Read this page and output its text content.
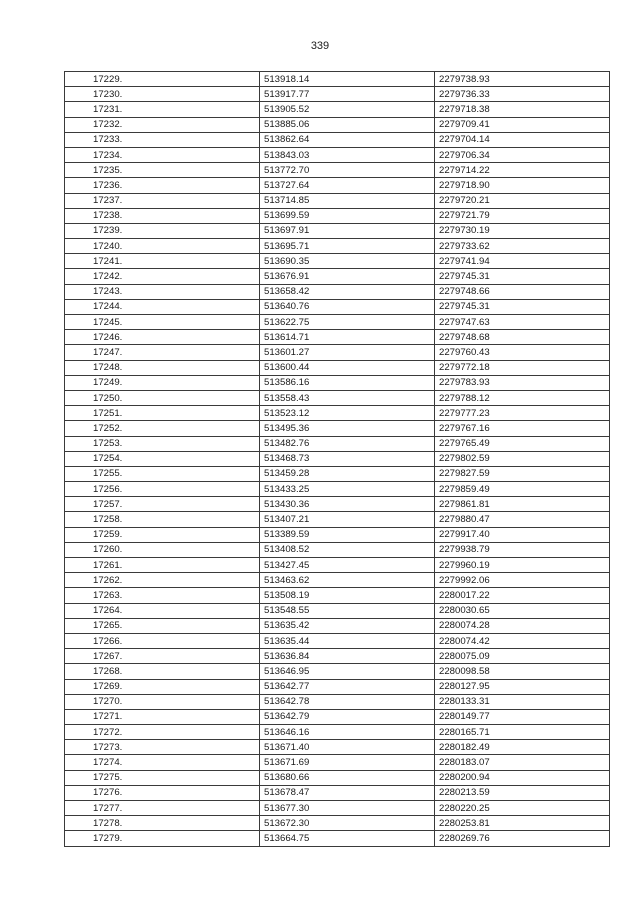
339
17229.	513918.14	2279738.93
17230.	513917.77	2279736.33
17231.	513905.52	2279718.38
17232.	513885.06	2279709.41
17233.	513862.64	2279704.14
17234.	513843.03	2279706.34
17235.	513772.70	2279714.22
17236.	513727.64	2279718.90
17237.	513714.85	2279720.21
17238.	513699.59	2279721.79
17239.	513697.91	2279730.19
17240.	513695.71	2279733.62
17241.	513690.35	2279741.94
17242.	513676.91	2279745.31
17243.	513658.42	2279748.66
17244.	513640.76	2279745.31
17245.	513622.75	2279747.63
17246.	513614.71	2279748.68
17247.	513601.27	2279760.43
17248.	513600.44	2279772.18
17249.	513586.16	2279783.93
17250.	513558.43	2279788.12
17251.	513523.12	2279777.23
17252.	513495.36	2279767.16
17253.	513482.76	2279765.49
17254.	513468.73	2279802.59
17255.	513459.28	2279827.59
17256.	513433.25	2279859.49
17257.	513430.36	2279861.81
17258.	513407.21	2279880.47
17259.	513389.59	2279917.40
17260.	513408.52	2279938.79
17261.	513427.45	2279960.19
17262.	513463.62	2279992.06
17263.	513508.19	2280017.22
17264.	513548.55	2280030.65
17265.	513635.42	2280074.28
17266.	513635.44	2280074.42
17267.	513636.84	2280075.09
17268.	513646.95	2280098.58
17269.	513642.77	2280127.95
17270.	513642.78	2280133.31
17271.	513642.79	2280149.77
17272.	513646.16	2280165.71
17273.	513671.40	2280182.49
17274.	513671.69	2280183.07
17275.	513680.66	2280200.94
17276.	513678.47	2280213.59
17277.	513677.30	2280220.25
17278.	513672.30	2280253.81
17279.	513664.75	2280269.76
